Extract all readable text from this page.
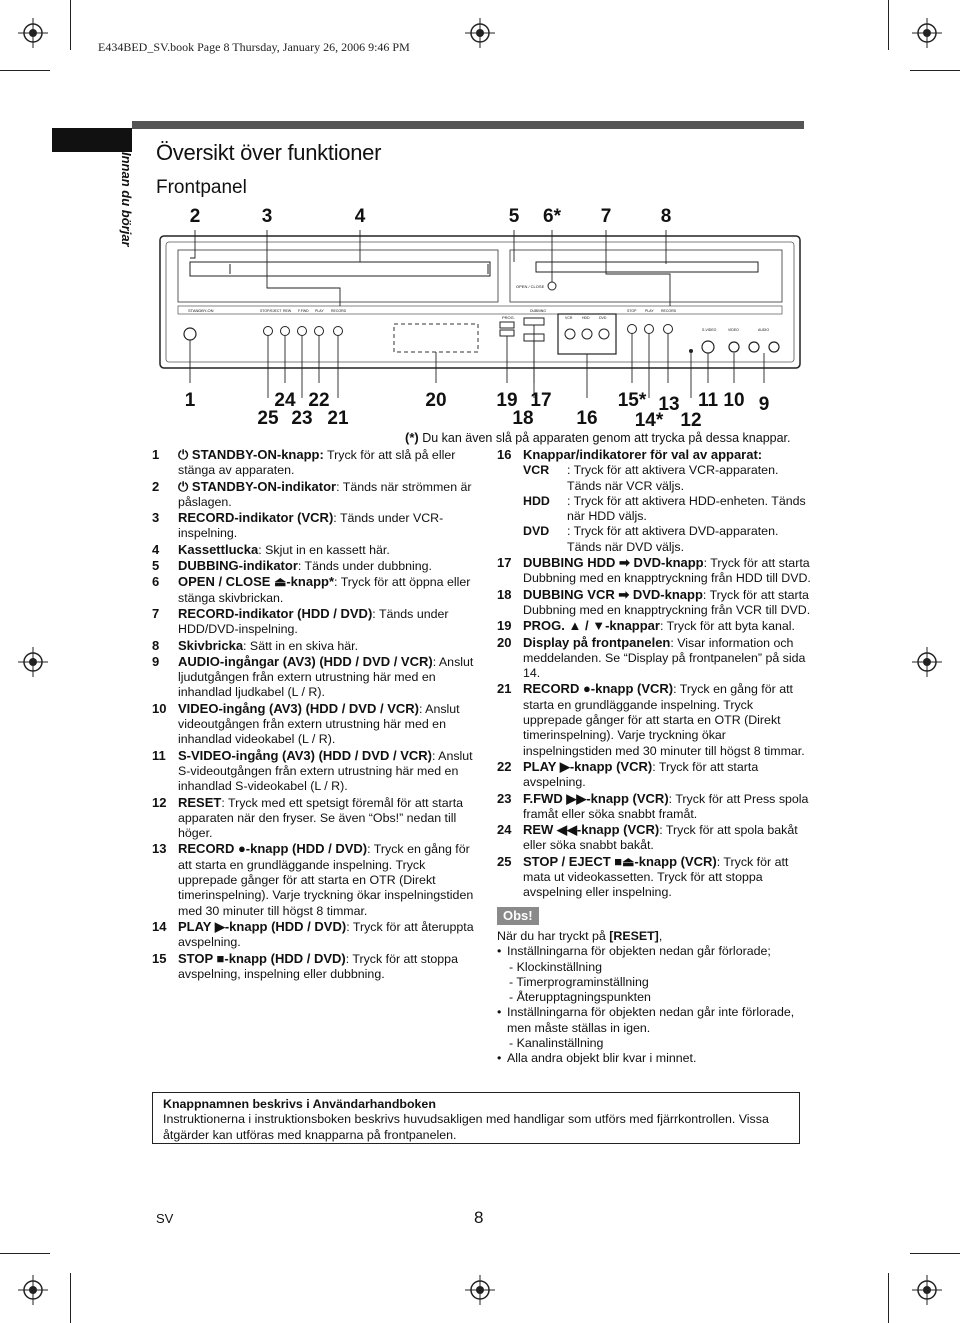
E434BED_SV.book Page 8 Thursday, January 26, 2006 9:46 PM
Innan du börjar Översikt över funktioner
Frontpanel
2	3	4	5 6* 7	8
OPEN / CLOSE
STANDBY-ON	STOP/EJECT REW F.FWD PLAY RECORD
PROG.
DUBBING
VCR	HDD	DVD
STOP PLAY RECORD
S-VIDEO	VIDEO	AUDIO
1	24 22
25 23 21
20	19 17
18 16
15* 13 11 10 9
14* 12
(*) Du kan även slå på apparaten genom att trycka på dessa knappar.
1 ⏻ STANDBY-ON-knapp: Tryck för att slå på eller stänga av apparaten.
2 ⏻ STANDBY-ON-indikator: Tänds när strömmen är påslagen.
3 RECORD-indikator (VCR): Tänds under VCR-inspelning.
4 Kassettlucka: Skjut in en kassett här.
5 DUBBING-indikator: Tänds under dubbning.
6 OPEN / CLOSE ⏏-knapp*: Tryck för att öppna eller stänga skivbrickan.
7 RECORD-indikator (HDD / DVD): Tänds under HDD/DVD-inspelning.
8 Skivbricka: Sätt in en skiva här.
9 AUDIO-ingångar (AV3) (HDD / DVD / VCR): Anslut ljudutgången från extern utrustning här med en inhandlad ljudkabel (L / R).
10 VIDEO-ingång (AV3) (HDD / DVD / VCR): Anslut videoutgången från extern utrustning här med en inhandlad videokabel (L / R).
11 S-VIDEO-ingång (AV3) (HDD / DVD / VCR): Anslut S-videoutgången från extern utrustning här med en inhandlad S-videokabel (L / R).
12 RESET: Tryck med ett spetsigt föremål för att starta apparaten när den fryser. Se även “Obs!” nedan till höger.
13 RECORD ●-knapp (HDD / DVD): Tryck en gång för att starta en grundläggande inspelning. Tryck upprepade gånger för att starta en OTR (Direkt timerinspelning). Varje tryckning ökar inspelningstiden med 30 minuter till högst 8 timmar.
14 PLAY ▶-knapp (HDD / DVD): Tryck för att återuppta avspelning.
15 STOP ■-knapp (HDD / DVD): Tryck för att stoppa avspelning, inspelning eller dubbning.
16 Knappar/indikatorer för val av apparat:
VCR : Tryck för att aktivera VCR-apparaten.
Tänds när VCR väljs.
HDD : Tryck för att aktivera HDD-enheten. Tänds
när HDD väljs.
DVD : Tryck för att aktivera DVD-apparaten.
Tänds när DVD väljs.
17 DUBBING HDD ➡ DVD-knapp: Tryck för att starta Dubbning med en knapptryckning från HDD till DVD.
18 DUBBING VCR ➡ DVD-knapp: Tryck för att starta Dubbning med en knapptryckning från VCR till DVD.
19 PROG. ▲ / ▼-knappar: Tryck för att byta kanal.
20 Display på frontpanelen: Visar information och meddelanden. Se “Display på frontpanelen” på sida 14.
21 RECORD ●-knapp (VCR): Tryck en gång för att starta en grundläggande inspelning. Tryck upprepade gånger för att starta en OTR (Direkt timerinspelning). Varje tryckning ökar inspelningstiden med 30 minuter till högst 8 timmar.
22 PLAY ▶-knapp (VCR): Tryck för att starta avspelning.
23 F.FWD ▶▶-knapp (VCR): Tryck för att Press spola framåt eller söka snabbt framåt.
24 REW ◀◀-knapp (VCR): Tryck för att spola bakåt eller söka snabbt bakåt.
25 STOP / EJECT ■⏏-knapp (VCR): Tryck för att mata ut videokassetten. Tryck för att stoppa avspelning eller inspelning.
Obs!
När du har tryckt på [RESET],
• Inställningarna för objekten nedan går förlorade;
- Klockinställning
- Timerprograminställning
- Återupptagningspunkten
• Inställningarna för objekten nedan går inte förlorade, men måste ställas in igen.
- Kanalinställning
• Alla andra objekt blir kvar i minnet.
Knappnamnen beskrivs i Användarhandboken
Instruktionerna i instruktionsboken beskrivs huvudsakligen med handligar som utförs med fjärrkontrollen. Vissa åtgärder kan utföras med knapparna på frontpanelen.
SV	8
